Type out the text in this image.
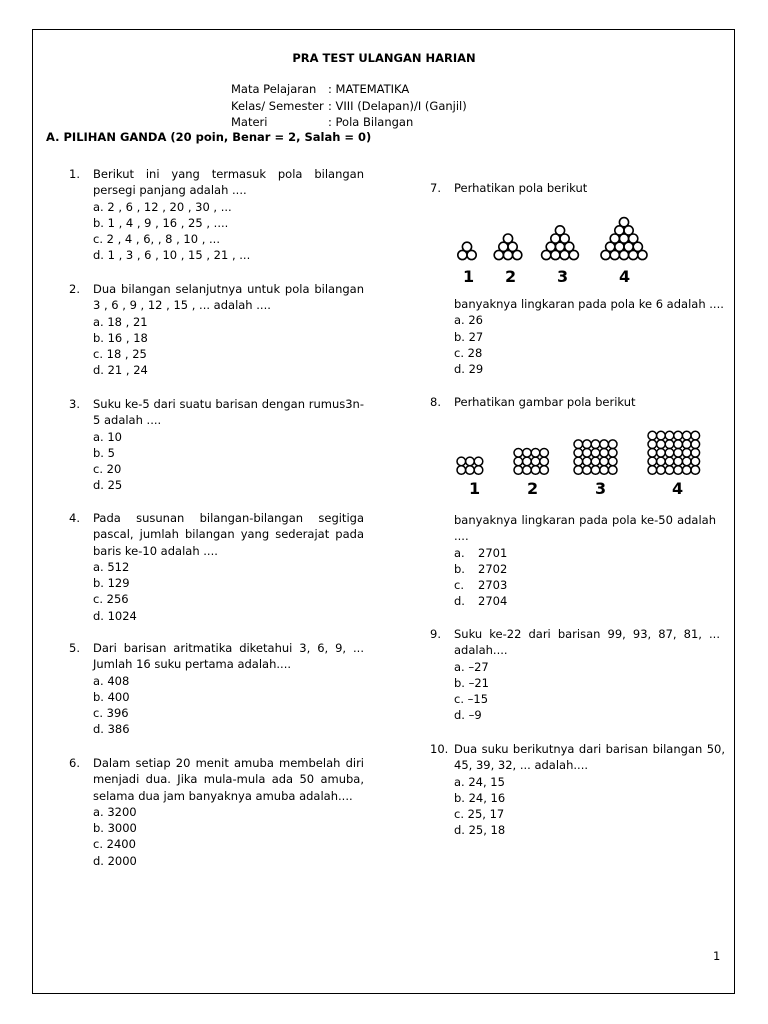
PRA TEST ULANGAN HARIAN
Mata Pelajaran	: MATEMATIKA
Kelas/ Semester : VIII (Delapan)/I (Ganjil)
Materi	: Pola Bilangan
A. PILIHAN GANDA (20 poin, Benar = 2, Salah = 0)
1. Berikut ini yang termasuk pola bilangan persegi panjang adalah ....
a. 2 , 6 , 12 , 20 , 30 , ...
b. 1 , 4 , 9 , 16 , 25 , ....
c. 2 , 4 , 6, , 8 , 10 , ...
d. 1 , 3 , 6 , 10 , 15 , 21 , ...
2. Dua bilangan selanjutnya untuk pola bilangan 3 , 6 , 9 , 12 , 15 , ... adalah ....
a. 18 , 21
b. 16 , 18
c. 18 , 25
d. 21 , 24
3. Suku ke-5 dari suatu barisan dengan rumus3n-5 adalah ....
a. 10
b. 5
c. 20
d. 25
4. Pada susunan bilangan-bilangan segitiga pascal, jumlah bilangan yang sederajat pada baris ke-10 adalah ....
a. 512
b. 129
c. 256
d. 1024
5. Dari barisan aritmatika diketahui 3, 6, 9, ... Jumlah 16 suku pertama adalah....
a. 408
b. 400
c. 396
d. 386
6. Dalam setiap 20 menit amuba membelah diri menjadi dua. Jika mula-mula ada 50 amuba, selama dua jam banyaknya amuba adalah....
a. 3200
b. 3000
c. 2400
d. 2000
7. Perhatikan pola berikut
1 2	3	4
banyaknya lingkaran pada pola ke 6 adalah ....
a. 26
b. 27
c. 28
d. 29
8. Perhatikan gambar pola berikut
1	2	3	4
banyaknya lingkaran pada pola ke-50 adalah ....
a. 2701
b. 2702
c. 2703
d. 2704
9. Suku ke-22 dari barisan 99, 93, 87, 81, ... adalah....
a. –27
b. –21
c. –15
d. –9
10. Dua suku berikutnya dari barisan bilangan 50, 45, 39, 32, ... adalah....
a. 24, 15
b. 24, 16
c. 25, 17
d. 25, 18
1
